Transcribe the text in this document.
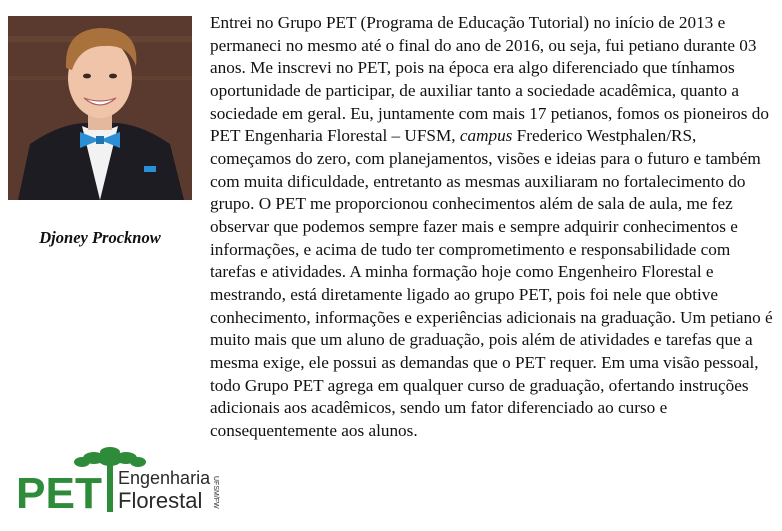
Djoney Procknow

Entrei no Grupo PET (Programa de Educação Tutorial) no início de 2013 e permaneci no mesmo até o final do ano de 2016, ou seja, fui petiano durante 03 anos. Me inscrevi no PET, pois na época era algo diferenciado que tínhamos oportunidade de participar, de auxiliar tanto a sociedade acadêmica, quanto a sociedade em geral. Eu, juntamente com mais 17 petianos, fomos os pioneiros do PET Engenharia Florestal – UFSM, campus Frederico Westphalen/RS, começamos do zero, com planejamentos, visões e ideias para o futuro e também com muita dificuldade, entretanto as mesmas auxiliaram no fortalecimento do grupo. O PET me proporcionou conhecimentos além de sala de aula, me fez observar que podemos sempre fazer mais e sempre adquirir conhecimentos e informações, e acima de tudo ter comprometimento e responsabilidade com tarefas e atividades. A minha formação hoje como Engenheiro Florestal e mestrando, está diretamente ligado ao grupo PET, pois foi nele que obtive conhecimento, informações e experiências adicionais na graduação. Um petiano é muito mais que um aluno de graduação, pois além de atividades e tarefas que a mesma exige, ele possui as demandas que o PET requer. Em uma visão pessoal, todo Grupo PET agrega em qualquer curso de graduação, ofertando instruções adicionais aos acadêmicos, sendo um fator diferenciado ao curso e consequentemente aos alunos.

PET Engenharia
Florestal UFSM/FW
